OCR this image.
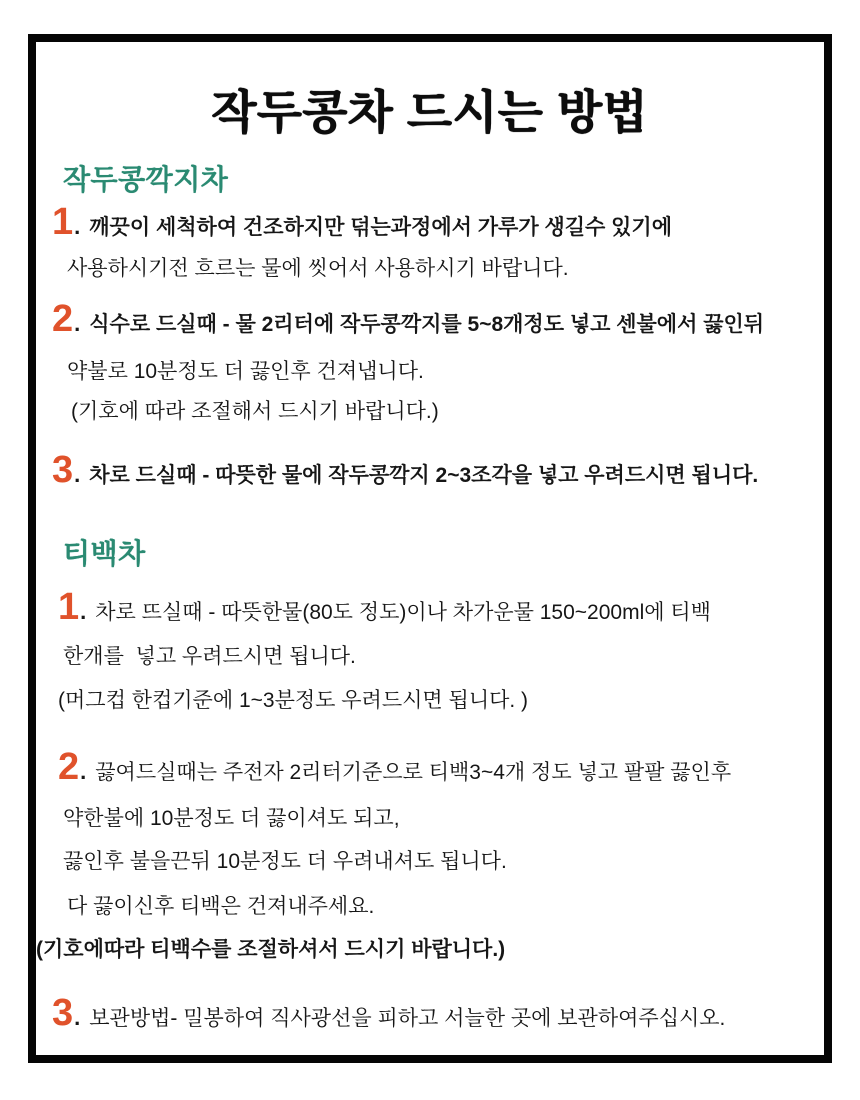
작두콩차 드시는 방법
작두콩깍지차
1 . 깨끗이 세척하여 건조하지만 덖는과정에서 가루가 생길수 있기에
사용하시기전 흐르는 물에 씻어서 사용하시기 바랍니다.
2 . 식수로 드실때 - 물 2리터에 작두콩깍지를 5~8개정도 넣고 센불에서 끓인뒤
약불로 10분정도 더 끓인후 건져냅니다.
(기호에 따라 조절해서 드시기 바랍니다.)
3 . 차로 드실때 - 따뜻한 물에 작두콩깍지 2~3조각을 넣고 우려드시면 됩니다.
티백차
1 . 차로 뜨실때 - 따뜻한물(80도 정도)이나 차가운물 150~200ml에 티백
한개를  넣고 우려드시면 됩니다.
(머그컵 한컵기준에 1~3분정도 우려드시면 됩니다. )
2 . 끓여드실때는 주전자 2리터기준으로 티백3~4개 정도 넣고 팔팔 끓인후
약한불에 10분정도 더 끓이셔도 되고,
끓인후 불을끈뒤 10분정도 더 우려내셔도 됩니다.
다 끓이신후 티백은 건져내주세요.
(기호에따라 티백수를 조절하셔서 드시기 바랍니다.)
3 . 보관방법- 밀봉하여 직사광선을 피하고 서늘한 곳에 보관하여주십시오.
